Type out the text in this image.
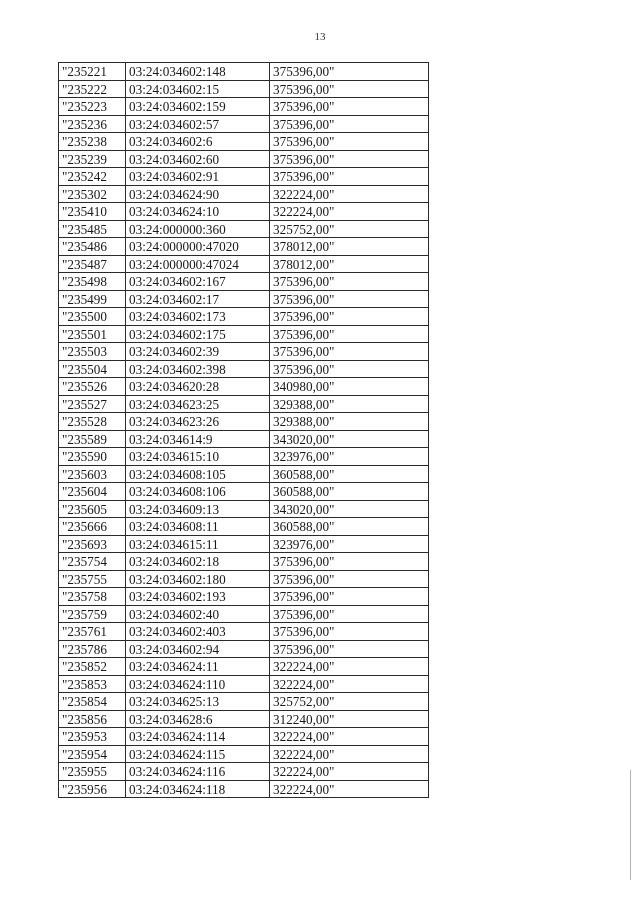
13
"235221	03:24:034602:148	375396,00"
"235222	03:24:034602:15	375396,00"
"235223	03:24:034602:159	375396,00"
"235236	03:24:034602:57	375396,00"
"235238	03:24:034602:6	375396,00"
"235239	03:24:034602:60	375396,00"
"235242	03:24:034602:91	375396,00"
"235302	03:24:034624:90	322224,00"
"235410	03:24:034624:10	322224,00"
"235485	03:24:000000:360	325752,00"
"235486	03:24:000000:47020	378012,00"
"235487	03:24:000000:47024	378012,00"
"235498	03:24:034602:167	375396,00"
"235499	03:24:034602:17	375396,00"
"235500	03:24:034602:173	375396,00"
"235501	03:24:034602:175	375396,00"
"235503	03:24:034602:39	375396,00"
"235504	03:24:034602:398	375396,00"
"235526	03:24:034620:28	340980,00"
"235527	03:24:034623:25	329388,00"
"235528	03:24:034623:26	329388,00"
"235589	03:24:034614:9	343020,00"
"235590	03:24:034615:10	323976,00"
"235603	03:24:034608:105	360588,00"
"235604	03:24:034608:106	360588,00"
"235605	03:24:034609:13	343020,00"
"235666	03:24:034608:11	360588,00"
"235693	03:24:034615:11	323976,00"
"235754	03:24:034602:18	375396,00"
"235755	03:24:034602:180	375396,00"
"235758	03:24:034602:193	375396,00"
"235759	03:24:034602:40	375396,00"
"235761	03:24:034602:403	375396,00"
"235786	03:24:034602:94	375396,00"
"235852	03:24:034624:11	322224,00"
"235853	03:24:034624:110	322224,00"
"235854	03:24:034625:13	325752,00"
"235856	03:24:034628:6	312240,00"
"235953	03:24:034624:114	322224,00"
"235954	03:24:034624:115	322224,00"
"235955	03:24:034624:116	322224,00"
"235956	03:24:034624:118	322224,00"
